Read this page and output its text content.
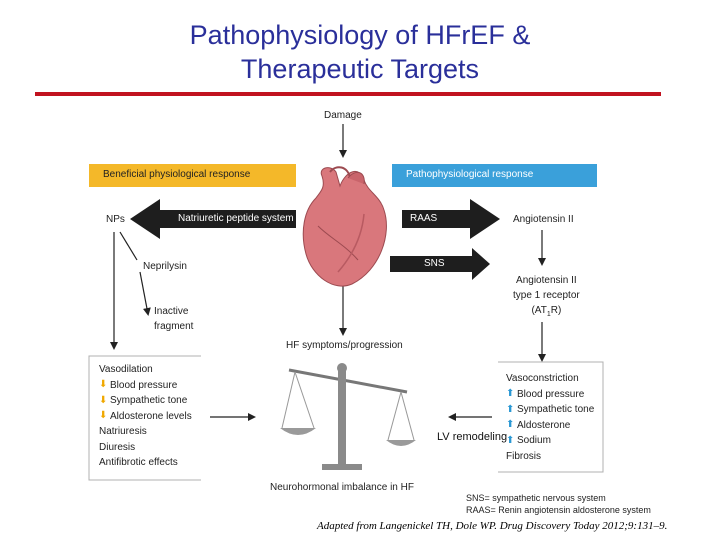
Pathophysiology of HFrEF &
Therapeutic Targets
Damage
Beneficial physiological response	Pathophysiological response
NPs	Natriuretic peptide system	RAAS
SNS
Angiotensin II
Angiotensin II
type 1 receptor
$(AT_1R)$
Neprilysin
Inactive
fragment
HF symptoms/progression
Vasodilation
⬇ Blood pressure
⬇ Sympathetic tone
⬇ Aldosterone levels
Natriuresis
Diuresis
Antifibrotic effects
Vasoconstriction
⬆ Blood pressure
⬆ Sympathetic tone
⬆ Aldosterone
⬆ Sodium
Fibrosis
LV remodeling
Neurohormonal imbalance in HF
SNS= sympathetic nervous system
RAAS= Renin angiotensin aldosterone system
Adapted from Langenickel TH, Dole WP. Drug Discovery Today 2012;9:131–9.
